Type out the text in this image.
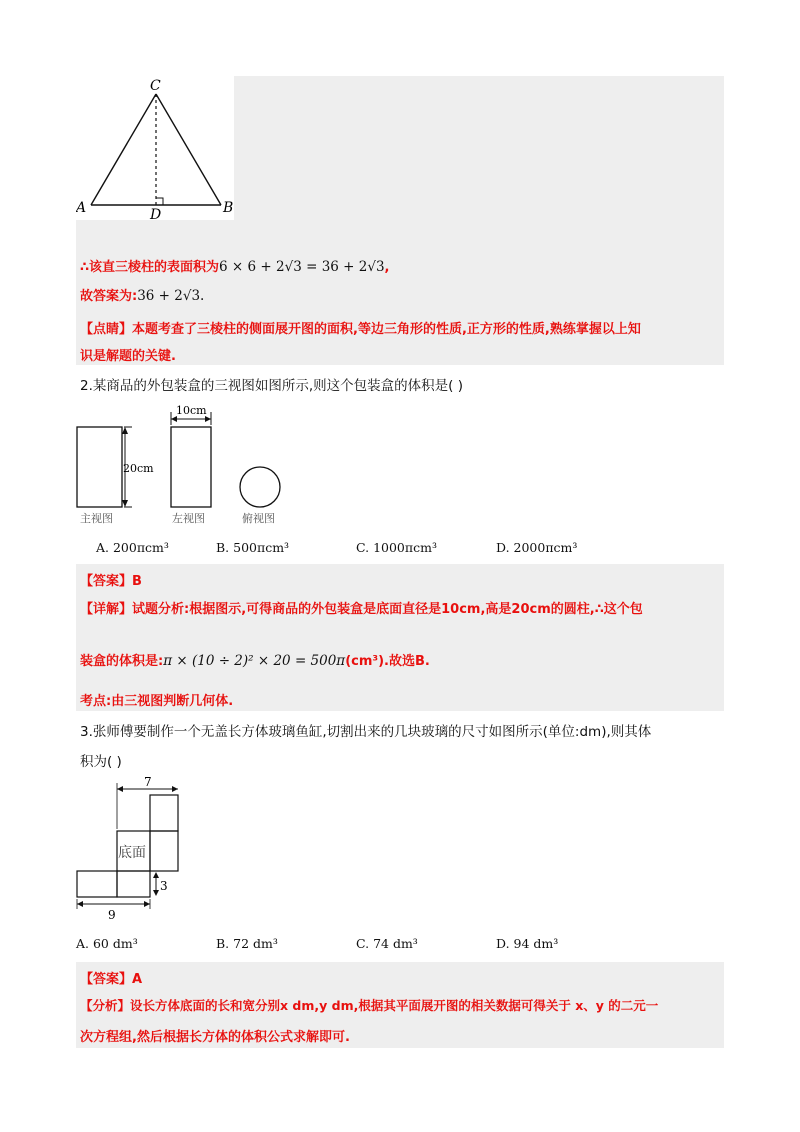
C
A	B
D
∴该直三棱柱的表面积为6 × 6 + 2√3 = 36 + 2√3,
故答案为:36 + 2√3.
【点睛】本题考查了三棱柱的侧面展开图的面积,等边三角形的性质,正方形的性质,熟练掌握以上知
识是解题的关键.
2.某商品的外包装盒的三视图如图所示,则这个包装盒的体积是( )
20cm
10cm
主视图	左视图	俯视图
A. 200πcm³	B. 500πcm³	C. 1000πcm³	D. 2000πcm³
【答案】B
【详解】试题分析:根据图示,可得商品的外包装盒是底面直径是10cm,高是20cm的圆柱,∴这个包
装盒的体积是:π × (10 ÷ 2)² × 20 = 500π(cm³).故选B.
考点:由三视图判断几何体.
3.张师傅要制作一个无盖长方体玻璃鱼缸,切割出来的几块玻璃的尺寸如图所示(单位:dm),则其体
积为( )
7
3
9
底面
A. 60 dm³	B. 72 dm³	C. 74 dm³	D. 94 dm³
【答案】A
【分析】设长方体底面的长和宽分别x dm,y dm,根据其平面展开图的相关数据可得关于 x、y 的二元一
次方程组,然后根据长方体的体积公式求解即可.
